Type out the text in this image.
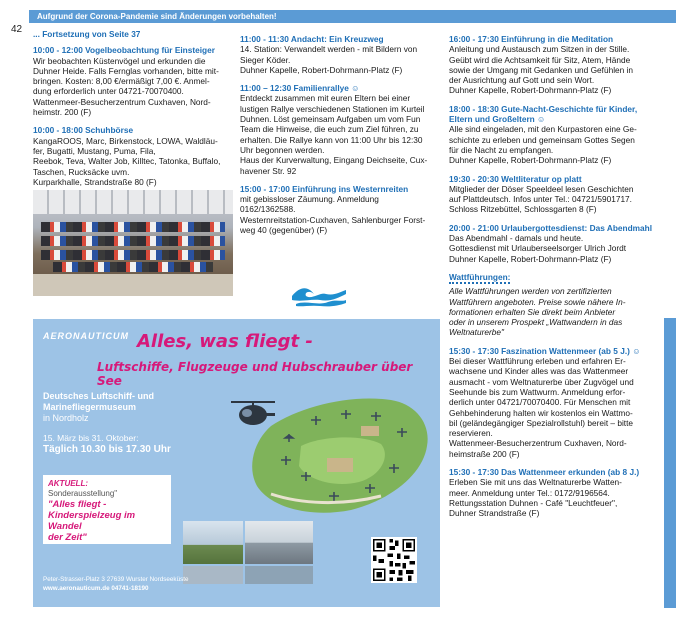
Aufgrund der Corona-Pandemie sind Änderungen vorbehalten!
42 ... Fortsetzung von Seite 37
10:00 - 12:00 Vogelbeobachtung für Einsteiger
Wir beobachten Küstenvögel und erkunden die
Duhner Heide. Falls Fernglas vorhanden, bitte mit-
bringen. Kosten: 8,00 €/ermäßigt 7,00 €. Anmel-
dung erforderlich unter 04721-70070400.
Wattenmeer-Besucherzentrum Cuxhaven, Nord-
heimstr. 200 (F)
10:00 - 18:00 Schuhbörse
KangaROOS, Marc, Birkenstock, LOWA, Waldläu-
fer, Bugatti, Mustang, Puma, Fila,
Reebok, Teva, Walter Job, Killtec, Tatonka, Buffalo,
Taschen, Rucksäcke uvm.
Kurparkhalle, Strandstraße 80 (F)
11:00 - 11:30 Andacht: Ein Kreuzweg
14. Station: Verwandelt werden - mit Bildern von
Sieger Köder.
Duhner Kapelle, Robert-Dohrmann-Platz (F)
11:00 – 12:30 Familienrallye ☺
Entdeckt zusammen mit euren Eltern bei einer
lustigen Rallye verschiedenen Stationen im Kurteil
Duhnen. Löst gemeinsam Aufgaben um vom Fun
Team die Hinweise, die euch zum Ziel führen, zu
erhalten. Die Rallye kann von 11:00 Uhr bis 12:30
Uhr begonnen werden.
Haus der Kurverwaltung, Eingang Deichseite, Cux-
havener Str. 92
15:00 - 17:00 Einführung ins Westernreiten
mit gebissloser Zäumung. Anmeldung
0162/1362588.
Westernreitstation-Cuxhaven, Sahlenburger Forst-
weg 40 (gegenüber) (F)
16:00 - 17:30 Einführung in die Meditation
Anleitung und Austausch zum Sitzen in der Stille.
Geübt wird die Achtsamkeit für Sitz, Atem, Hände
sowie der Umgang mit Gedanken und Gefühlen in
der Ausrichtung auf Gott und sein Wort.
Duhner Kapelle, Robert-Dohrmann-Platz (F)
18:00 - 18:30 Gute-Nacht-Geschichte für Kinder,
Eltern und Großeltern ☺
Alle sind eingeladen, mit den Kurpastoren eine Ge-
schichte zu erleben und gemeinsam Gottes Segen
für die Nacht zu empfangen.
Duhner Kapelle, Robert-Dohrmann-Platz (F)
19:30 - 20:30 Weltliteratur op platt
Mitglieder der Döser Speeldeel lesen Geschichten
auf Plattdeutsch. Infos unter Tel.: 04721/5901717.
Schloss Ritzebüttel, Schlossgarten 8 (F)
20:00 - 21:00 Urlaubergottesdienst: Das Abendmahl
Das Abendmahl - damals und heute.
Gottesdienst mit Urlauberseelsorger Ulrich Jordt
Duhner Kapelle, Robert-Dohrmann-Platz (F)
Wattführungen:
Alle Wattführungen werden von zertifizierten
Wattführern angeboten. Preise sowie nähere In-
formationen erhalten Sie direkt beim Anbieter
oder in unserem Prospekt „Wattwandern in das
Weltnaturerbe"
15:30 - 17:30 Faszination Wattenmeer (ab 5 J.) ☺
Bei dieser Wattführung erleben und erfahren Er-
wachsene und Kinder alles was das Wattenmeer
ausmacht - vom Weltnaturerbe über Zugvögel und
Seehunde bis zum Wattwurm. Anmeldung erfor-
derlich unter 04721/70070400. Für Menschen mit
Gehbehinderung halten wir kostenlos ein Wattmo-
bil (geländegängiger Spezialrollstuhl) bereit – bitte
reservieren.
Wattenmeer-Besucherzentrum Cuxhaven, Nord-
heimstraße 200 (F)
15:30 - 17:30 Das Wattenmeer erkunden (ab 8 J.)
Erleben Sie mit uns das Weltnaturerbe Watten-
meer. Anmeldung unter Tel.: 0172/9196564.
Rettungsstation Duhnen - Café "Leuchtfeuer",
Duhner Strandstraße (F)
AERONAUTICUM Alles, was fliegt -
Luftschiffe, Flugzeuge und Hubschrauber über See
Deutsches Luftschiff- und
Marinefliegermuseum
in Nordholz
15. März bis 31. Oktober:
Täglich 10.30 bis 17.30 Uhr
AKTUELL:
Sonderausstellung"
"Alles fliegt -
Kinderspielzeug im Wandel
der Zeit"
Peter-Strasser-Platz 3 27639 Wurster Nordseeküste
www.aeronauticum.de 04741-18190
